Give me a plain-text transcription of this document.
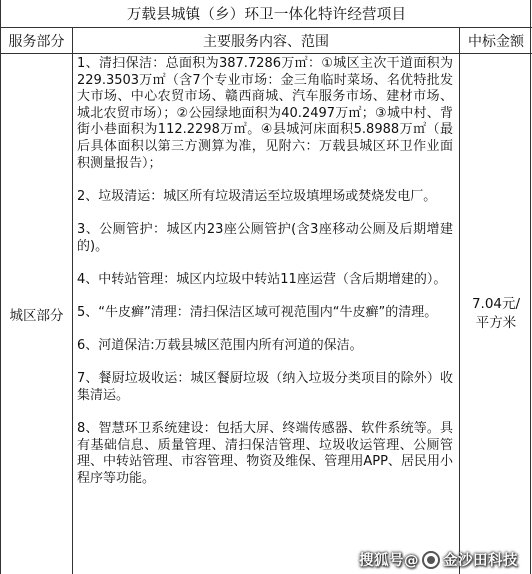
万载县城镇（乡）环卫一体化特许经营项目
服务部分	主要服务内容、范围	中标金额
城区部分

1、清扫保洁：总面积为387.7286万㎡：①城区主次干道面积为229.3503万㎡（含7个专业市场：金三角临时菜场、名优特批发大市场、中心农贸市场、赣西商城、汽车服务市场、建材市场、城北农贸市场）；②公园绿地面积为40.2497万㎡；③城中村、背街小巷面积为112.2298万㎡。④县城河床面积5.8988万㎡（最后具体面积以第三方测算为准，见附六：万载县城区环卫作业面积测量报告）；

2、垃圾清运：城区所有垃圾清运至垃圾填埋场或焚烧发电厂。

3、公厕管护：城区内23座公厕管护(含3座移动公厕及后期增建的)。

4、中转站管理：城区内垃圾中转站11座运营（含后期增建的）。

5、“牛皮癣”清理：清扫保洁区域可视范围内“牛皮癣”的清理。

6、河道保洁:万载县城区范围内所有河道的保洁。

7、餐厨垃圾收运：城区餐厨垃圾（纳入垃圾分类项目的除外）收集清运。

8、智慧环卫系统建设：包括大屏、终端传感器、软件系统等。具有基础信息、质量管理、清扫保洁管理、垃圾收运管理、公厕管理、中转站管理、市容管理、物资及维保、管理用APP、居民用小程序等功能。

7.04元/
平方米
搜狐号@ 金沙田科技
